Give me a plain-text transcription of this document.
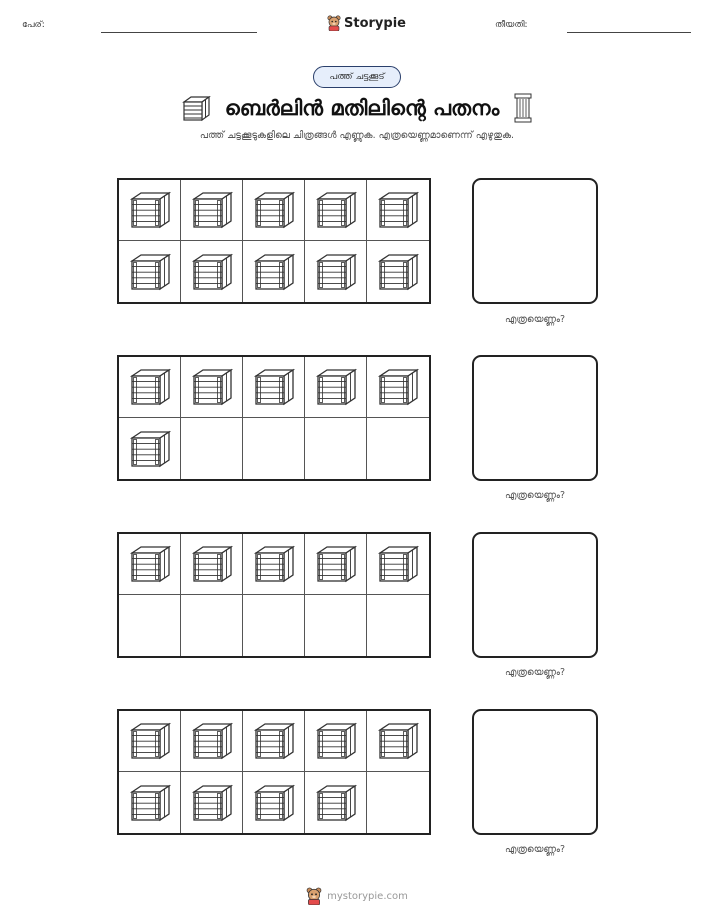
പേര്:	Storypie	തീയതി:
പത്ത് ചട്ടക്കൂട്
ബെർലിൻ മതിലിന്റെ പതനം
പത്ത് ചട്ടക്കൂടുകളിലെ ചിത്രങ്ങൾ എണ്ണുക. എത്രയെണ്ണമാണെന്ന് എഴുതുക.
എത്രയെണ്ണം?
എത്രയെണ്ണം?
എത്രയെണ്ണം?
എത്രയെണ്ണം?
mystorypie.com
